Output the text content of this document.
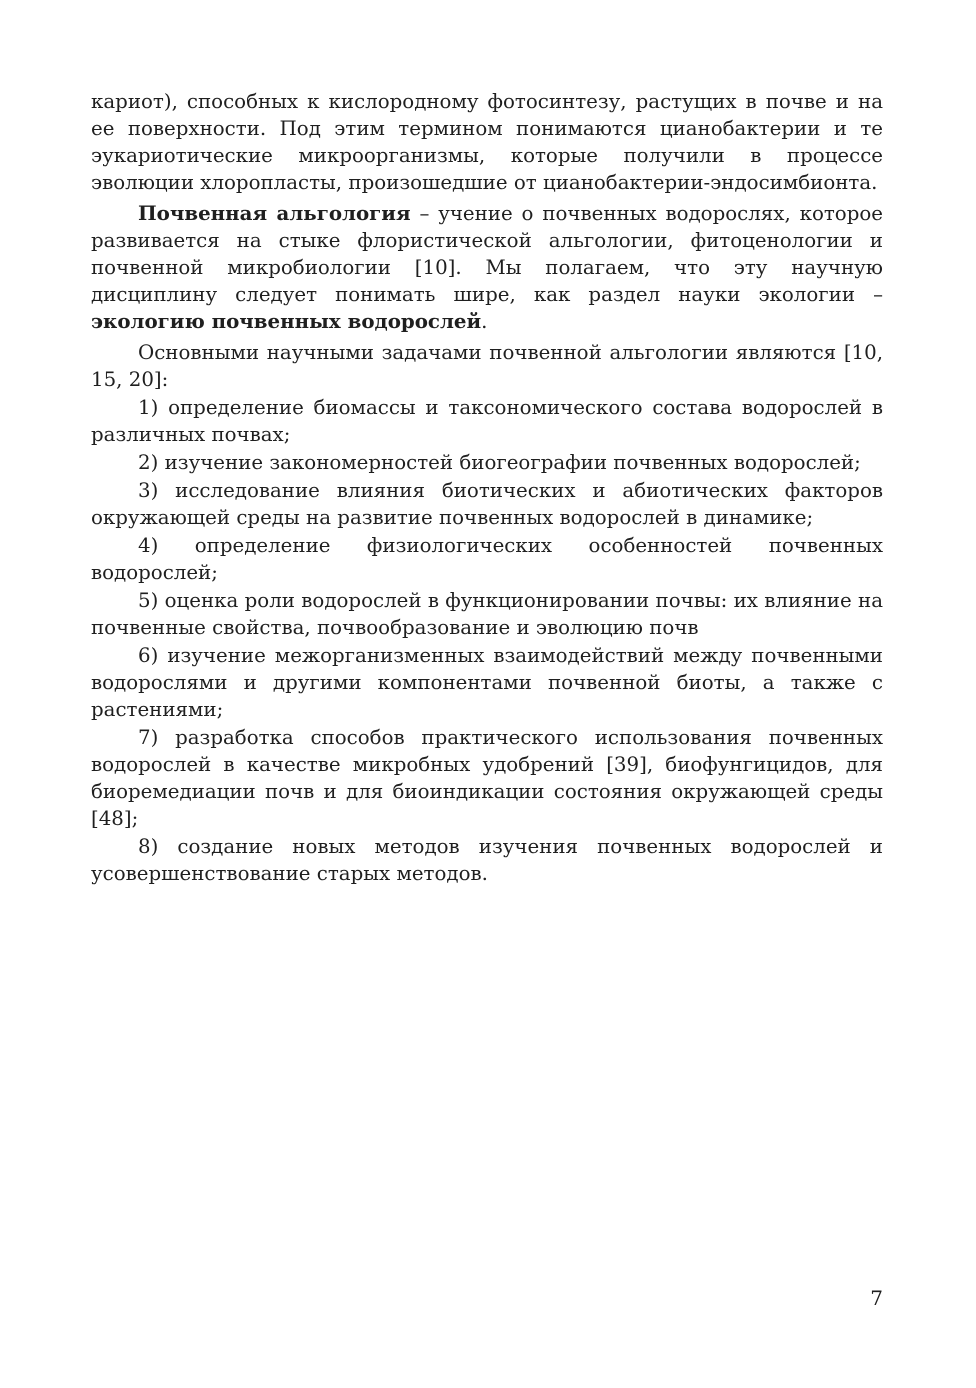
кариот), способных к кислородному фотосинтезу, растущих в почве и на ее поверхности. Под этим термином понимаются цианобактерии и те эукариотические микроорганизмы, которые получили в процессе эволюции хлоропласты, произошедшие от цианобактерии-эндосимбионта.

Почвенная альгология – учение о почвенных водорослях, которое развивается на стыке флористической альгологии, фитоценологии и почвенной микробиологии [10]. Мы полагаем, что эту научную дисциплину следует понимать шире, как раздел науки экологии – экологию почвенных водорослей.

Основными научными задачами почвенной альгологии являются [10, 15, 20]:

1) определение биомассы и таксономического состава водорослей в различных почвах;

2) изучение закономерностей биогеографии почвенных водорослей;

3) исследование влияния биотических и абиотических факторов окружающей среды на развитие почвенных водорослей в динамике;

4) определение физиологических особенностей почвенных водорослей;

5) оценка роли водорослей в функционировании почвы: их влияние на почвенные свойства, почвообразование и эволюцию почв

6) изучение межорганизменных взаимодействий между почвенными водорослями и другими компонентами почвенной биоты, а также с растениями;

7) разработка способов практического использования почвенных водорослей в качестве микробных удобрений [39], биофунгицидов, для биоремедиации почв и для биоиндикации состояния окружающей среды [48];

8) создание новых методов изучения почвенных водорослей и усовершенствование старых методов.

7
